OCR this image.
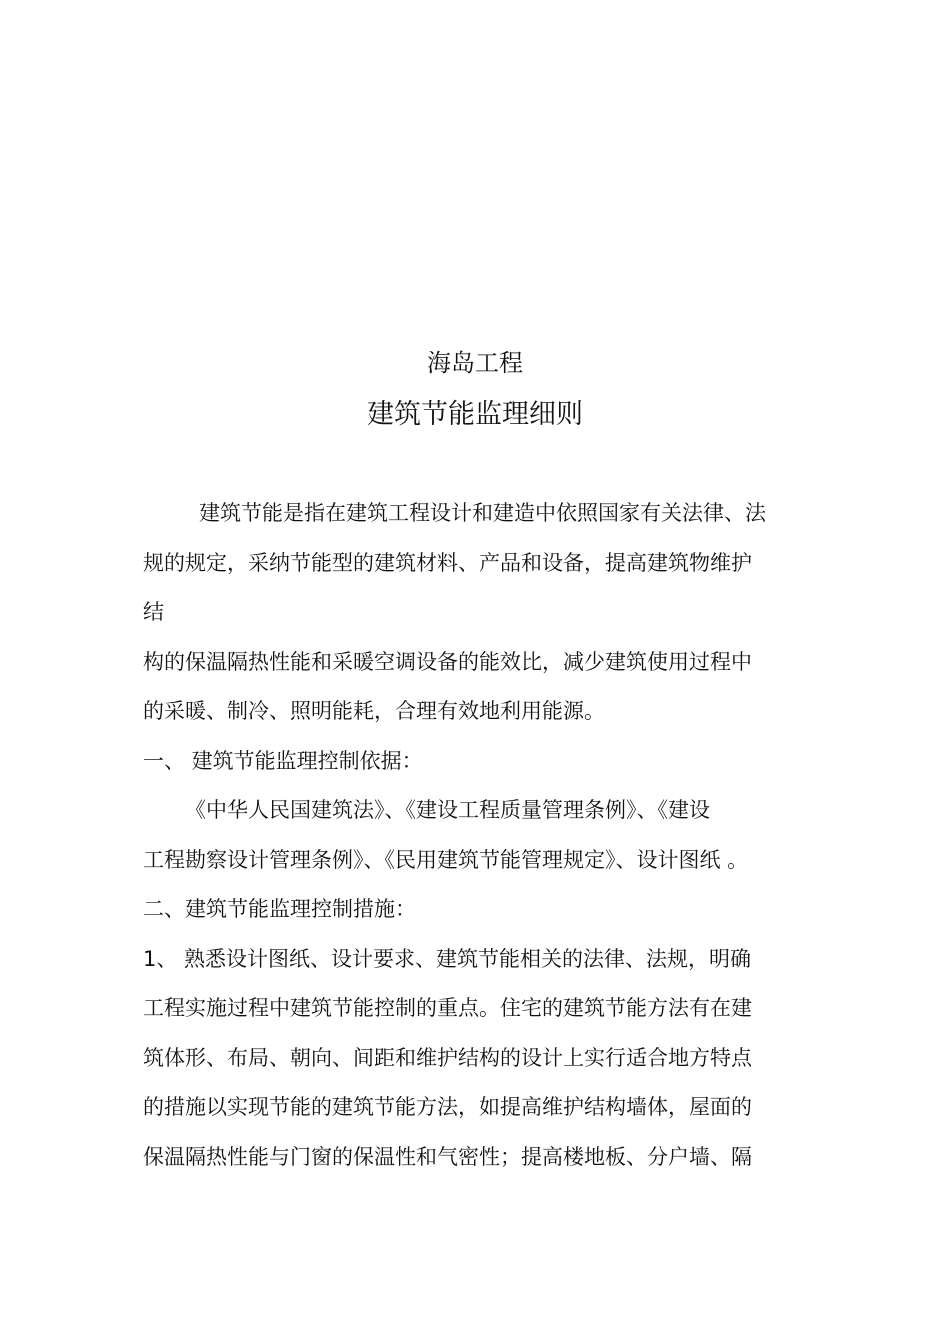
海岛工程
建筑节能监理细则
建筑节能是指在建筑工程设计和建造中依照国家有关法律、法
规的规定，采纳节能型的建筑材料、产品和设备，提高建筑物维护
结
构的保温隔热性能和采暖空调设备的能效比，减少建筑使用过程中
的采暖、制冷、照明能耗，合理有效地利用能源。
一、 建筑节能监理控制依据：
《中华人民国建筑法》、《建设工程质量管理条例》、《建设
工程勘察设计管理条例》、《民用建筑节能管理规定》、设计图纸 。
二、建筑节能监理控制措施：
1、 熟悉设计图纸、设计要求、建筑节能相关的法律、法规，明确
工程实施过程中建筑节能控制的重点。住宅的建筑节能方法有在建
筑体形、布局、朝向、间距和维护结构的设计上实行适合地方特点
的措施以实现节能的建筑节能方法，如提高维护结构墙体，屋面的
保温隔热性能与门窗的保温性和气密性；提高楼地板、分户墙、隔
